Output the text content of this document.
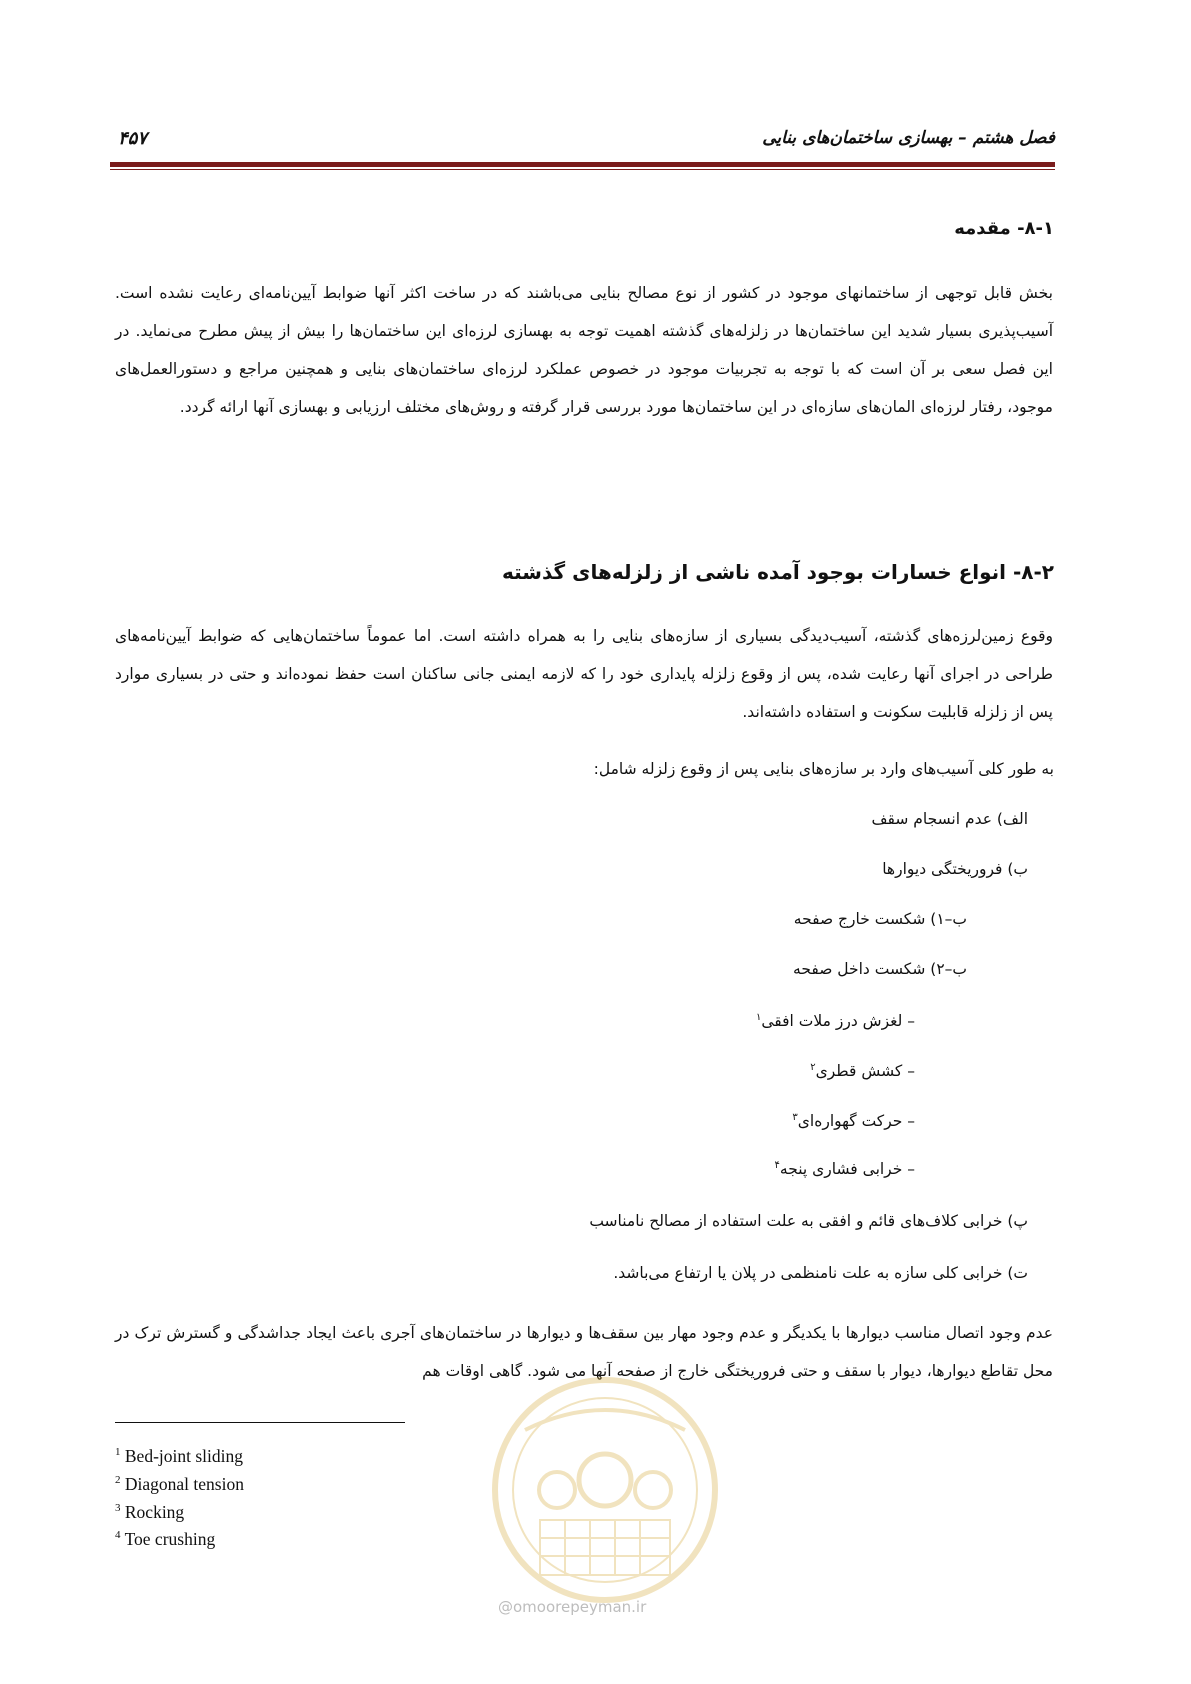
فصل هشتم – بهسازی ساختمان‌های بنایی
۴۵۷
۸-۱- مقدمه

بخش قابل توجهی از ساختمانهای موجود در کشور از نوع مصالح بنایی می‌باشند که در ساخت اکثر آنها ضوابط آیین‌نامه‌ای رعایت نشده است. آسیب‌پذیری بسیار شدید این ساختمان‌ها در زلزله‌های گذشته اهمیت توجه به بهسازی لرزه‌ای این ساختمان‌ها را بیش از پیش مطرح می‌نماید. در این فصل سعی بر آن است که با توجه به تجربیات موجود در خصوص عملکرد لرزه‌ای ساختمان‌های بنایی و همچنین مراجع و دستورالعمل‌های موجود، رفتار لرزه‌ای المان‌های سازه‌ای در این ساختمان‌ها مورد بررسی قرار گرفته و روش‌های مختلف ارزیابی و بهسازی آنها ارائه گردد.

۸-۲- انواع خسارات بوجود آمده ناشی از زلزله‌های گذشته

وقوع زمین‌لرزه‌های گذشته، آسیب‌دیدگی بسیاری از سازه‌های بنایی را به همراه داشته است. اما عموماً ساختمان‌هایی که ضوابط آیین‌نامه‌های طراحی در اجرای آنها رعایت شده، پس از وقوع زلزله پایداری خود را که لازمه ایمنی جانی ساکنان است حفظ نموده‌اند و حتی در بسیاری موارد پس از زلزله قابلیت سکونت و استفاده داشته‌اند.

به طور کلی آسیب‌های وارد بر سازه‌های بنایی پس از وقوع زلزله شامل:
الف) عدم انسجام سقف
ب) فروریختگی دیوارها
ب–۱) شکست خارج صفحه
ب–۲) شکست داخل صفحه
– لغزش درز ملات افقی$^۱$
– کشش قطری$^۲$
– حرکت گهواره‌ای$^۳$
– خرابی فشاری پنجه$^۴$
پ) خرابی کلاف‌های قائم و افقی به علت استفاده از مصالح نامناسب
ت) خرابی کلی سازه به علت نامنظمی در پلان یا ارتفاع می‌باشد.

عدم وجود اتصال مناسب دیوارها با یکدیگر و عدم وجود مهار بین سقف‌ها و دیوارها در ساختمان‌های آجری باعث ایجاد جداشدگی و گسترش ترک در محل تقاطع دیوارها، دیوار با سقف و حتی فروریختگی خارج از صفحه آنها می شود. گاهی اوقات هم

$^1$ Bed-joint sliding
$^2$ Diagonal tension
$^3$ Rocking
$^4$ Toe crushing
@omoorepeyman.ir
